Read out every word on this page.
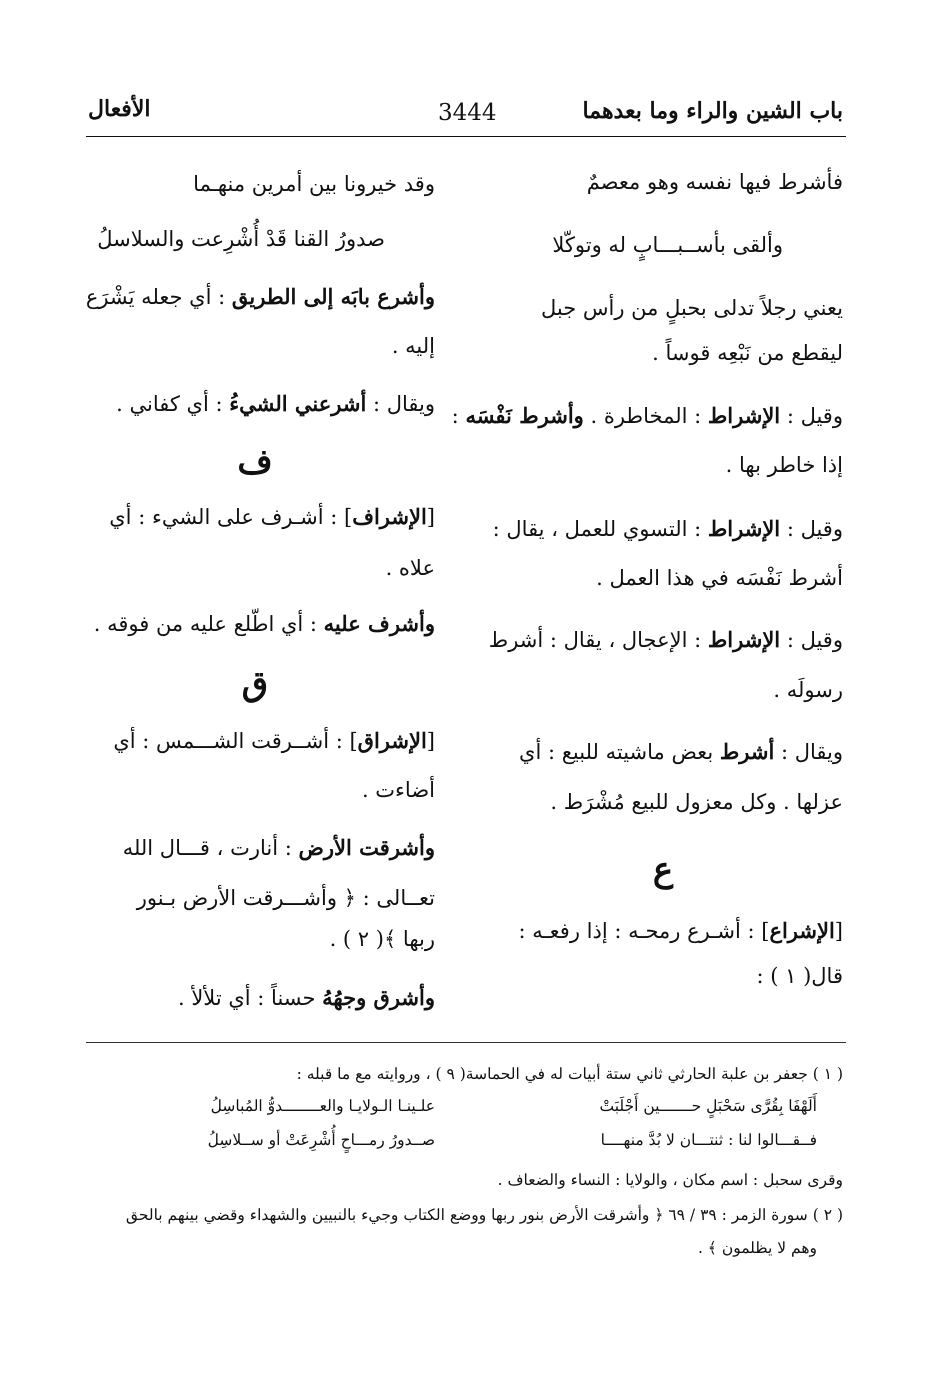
باب الشين والراء وما بعدهما
3444
الأفعال
فأشرط فيها نفسه وهو معصمٌ
وألقى بأســبـــابٍ له وتوكّلا
يعني رجلاً تدلى بحبلٍ من رأس جبل
ليقطع من نَبْعِه قوساً .
وقيل : الإشراط : المخاطرة . وأشرط نَفْسَه :
إذا خاطر بها .
وقيل : الإشراط : التسوي للعمل ، يقال :
أشرط نَفْسَه في هذا العمل .
وقيل : الإشراط : الإعجال ، يقال : أشرط
رسولَه .
ويقال : أشرط بعض ماشيته للبيع : أي
عزلها . وكل معزول للبيع مُشْرَط .
ع
[الإشراع] : أشـرع رمحـه : إذا رفعـه :
قال( ١ ) :
وقد خيرونا بين أمرين منهـما
صدورُ القنا قَدْ أُشْرِعت والسلاسلُ
وأشرع بابَه إلى الطريق : أي جعله يَشْرَع
إليه .
ويقال : أشرعني الشيءُ : أي كفاني .
ف
[الإشراف] : أشـرف على الشيء : أي
علاه .
وأشرف عليه : أي اطّلع عليه من فوقه .
ق
[الإشراق] : أشــرقت الشـــمس : أي
أضاءت .
وأشرقت الأرض : أنارت ، قـــال الله
تعــالى : ﴿ وأشـــرقت الأرض بـنور
ربها ﴾( ٢ ) .
وأشرق وجهُهُ حسناً : أي تلألأ .
( ١ ) جعفر بن علبة الحارثي ثاني ستة أبيات له في الحماسة( ٩ ) ، وروايته مع ما قبله :
أَلَهْفَا بِقُرَّى سَحْبَلٍ حـــــــين أَجْلَبَتْ
علـينـا الـولايـا والعــــــــدوُّ المُباسِلُ
فــقـــالوا لنا : ثنتـــان لا بُدَّ منهــــا
صــدورُ رمـــاحٍ أُشْرِعَتْ أو ســلاسِلُ
وقرى سحبل : اسم مكان ، والولايا : النساء والضعاف .
( ٢ ) سورة الزمر : ٣٩ / ٦٩ ﴿ وأشرقت الأرض بنور ربها ووضع الكتاب وجيء بالنبيين والشهداء وقضي بينهم بالحق
وهم لا يظلمون ﴾ .
